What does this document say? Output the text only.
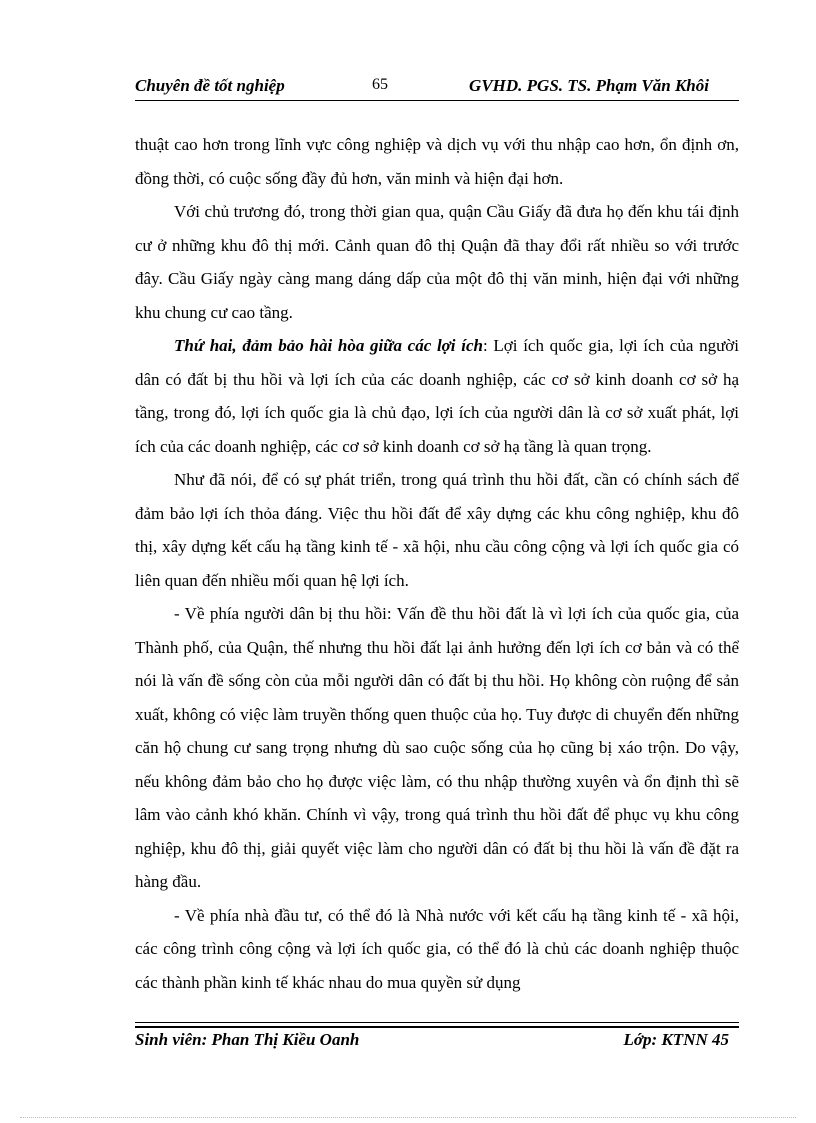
Chuyên đề tốt nghiệp	65	GVHD. PGS. TS. Phạm Văn Khôi

thuật cao hơn trong lĩnh vực công nghiệp và dịch vụ với thu nhập cao hơn, ổn định ơn, đồng thời, có cuộc sống đầy đủ hơn, văn minh và hiện đại hơn.

Với chủ trương đó, trong thời gian qua, quận Cầu Giấy đã đưa họ đến khu tái định cư ở những khu đô thị mới. Cảnh quan đô thị Quận đã thay đổi rất nhiều so với trước đây. Cầu Giấy ngày càng mang dáng dấp của một đô thị văn minh, hiện đại với những khu chung cư cao tầng.

Thứ hai, đảm bảo hài hòa giữa các lợi ích: Lợi ích quốc gia, lợi ích của người dân có đất bị thu hồi và lợi ích của các doanh nghiệp, các cơ sở kinh doanh cơ sở hạ tầng, trong đó, lợi ích quốc gia là chủ đạo, lợi ích của người dân là cơ sở xuất phát, lợi ích của các doanh nghiệp, các cơ sở kinh doanh cơ sở hạ tầng là quan trọng.

Như đã nói, để có sự phát triển, trong quá trình thu hồi đất, cần có chính sách để đảm bảo lợi ích thỏa đáng. Việc thu hồi đất để xây dựng các khu công nghiệp, khu đô thị, xây dựng kết cấu hạ tầng kinh tế - xã hội, nhu cầu công cộng và lợi ích quốc gia có liên quan đến nhiều mối quan hệ lợi ích.

- Về phía người dân bị thu hồi: Vấn đề thu hồi đất là vì lợi ích của quốc gia, của Thành phố, của Quận, thế nhưng thu hồi đất lại ảnh hưởng đến lợi ích cơ bản và có thể nói là vấn đề sống còn của mỗi người dân có đất bị thu hồi. Họ không còn ruộng để sản xuất, không có việc làm truyền thống quen thuộc của họ. Tuy được di chuyển đến những căn hộ chung cư sang trọng nhưng dù sao cuộc sống của họ cũng bị xáo trộn. Do vậy, nếu không đảm bảo cho họ được việc làm, có thu nhập thường xuyên và ổn định thì sẽ lâm vào cảnh khó khăn. Chính vì vậy, trong quá trình thu hồi đất để phục vụ khu công nghiệp, khu đô thị, giải quyết việc làm cho người dân có đất bị thu hồi là vấn đề đặt ra hàng đầu.

- Về phía nhà đầu tư, có thể đó là Nhà nước với kết cấu hạ tầng kinh tế - xã hội, các công trình công cộng và lợi ích quốc gia, có thể đó là chủ các doanh nghiệp thuộc các thành phần kinh tế khác nhau do mua quyền sử dụng

Sinh viên: Phan Thị Kiều Oanh	Lớp: KTNN 45
